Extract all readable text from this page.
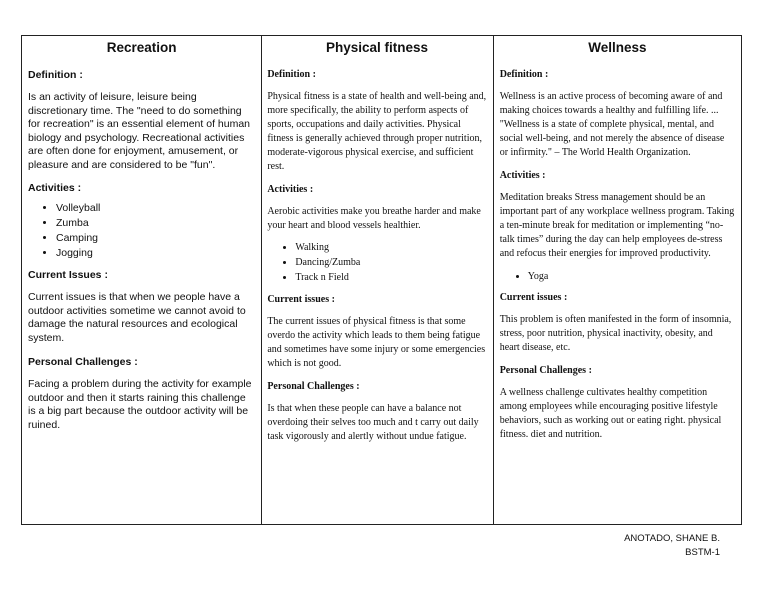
Recreation

Definition :

Is an activity of leisure, leisure being discretionary time. The "need to do something for recreation" is an essential element of human biology and psychology. Recreational activities are often done for enjoyment, amusement, or pleasure and are considered to be "fun".

Activities :

• Volleyball
• Zumba
• Camping
• Jogging

Current Issues :

Current issues is that when we people have a outdoor activities sometime we cannot avoid to damage the natural resources and ecological system.

Personal Challenges :

Facing a problem during the activity for example outdoor and then it starts raining this challenge is a big part because the outdoor activity will be ruined.

Physical fitness

Definition :

Physical fitness is a state of health and well-being and, more specifically, the ability to perform aspects of sports, occupations and daily activities. Physical fitness is generally achieved through proper nutrition, moderate-vigorous physical exercise, and sufficient rest.

Activities :

Aerobic activities make you breathe harder and make your heart and blood vessels healthier.

• Walking
• Dancing/Zumba
• Track n Field

Current issues :

The current issues of physical fitness is that some overdo the activity which leads to them being fatigue and sometimes have some injury or some emergencies which is not good.

Personal Challenges :

Is that when these people can have a balance not overdoing their selves too much and t carry out daily task vigorously and alertly without undue fatigue.

Wellness

Definition :

Wellness is an active process of becoming aware of and making choices towards a healthy and fulfilling life. ... "Wellness is a state of complete physical, mental, and social well-being, and not merely the absence of disease or infirmity." – The World Health Organization.

Activities :

Meditation breaks Stress management should be an important part of any workplace wellness program. Taking a ten-minute break for meditation or implementing “no-talk times” during the day can help employees de-stress and refocus their energies for improved productivity.

• Yoga

Current issues :

This problem is often manifested in the form of insomnia, stress, poor nutrition, physical inactivity, obesity, and heart disease, etc.

Personal Challenges :

A wellness challenge cultivates healthy competition among employees while encouraging positive lifestyle behaviors, such as working out or eating right. physical fitness. diet and nutrition.

ANOTADO, SHANE B.
BSTM-1
